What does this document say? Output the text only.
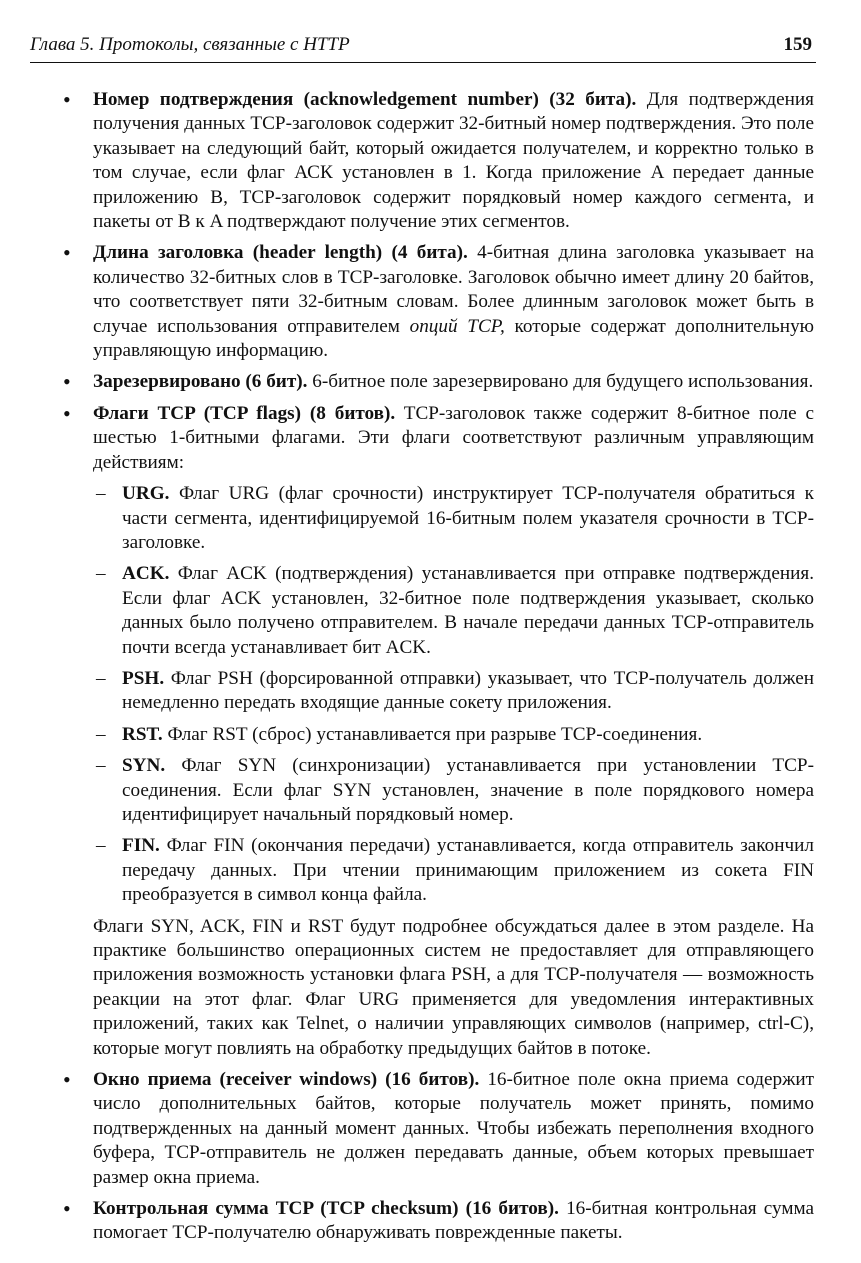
Глава 5. Протоколы, связанные с HTTP	159
• Номер подтверждения (acknowledgement number) (32 бита). Для подтверждения получения данных TCP-заголовок содержит 32-битный номер подтверждения. Это поле указывает на следующий байт, который ожидается получателем, и корректно только в том случае, если флаг АСК установлен в 1. Когда приложение A передает данные приложению B, TCP-заголовок содержит порядковый номер каждого сегмента, и пакеты от B к A подтверждают получение этих сегментов.
• Длина заголовка (header length) (4 бита). 4-битная длина заголовка указывает на количество 32-битных слов в TCP-заголовке. Заголовок обычно имеет длину 20 байтов, что соответствует пяти 32-битным словам. Более длинным заголовок может быть в случае использования отправителем опций TCP, которые содержат дополнительную управляющую информацию.
• Зарезервировано (6 бит). 6-битное поле зарезервировано для будущего использования.
• Флаги TCP (TCP flags) (8 битов). TCP-заголовок также содержит 8-битное поле с шестью 1-битными флагами. Эти флаги соответствуют различным управляющим действиям:
– URG. Флаг URG (флаг срочности) инструктирует TCP-получателя обратиться к части сегмента, идентифицируемой 16-битным полем указателя срочности в TCP-заголовке.
– ACK. Флаг ACK (подтверждения) устанавливается при отправке подтверждения. Если флаг ACK установлен, 32-битное поле подтверждения указывает, сколько данных было получено отправителем. В начале передачи данных TCP-отправитель почти всегда устанавливает бит ACK.
– PSH. Флаг PSH (форсированной отправки) указывает, что TCP-получатель должен немедленно передать входящие данные сокету приложения.
– RST. Флаг RST (сброс) устанавливается при разрыве TCP-соединения.
– SYN. Флаг SYN (синхронизации) устанавливается при установлении TCP-соединения. Если флаг SYN установлен, значение в поле порядкового номера идентифицирует начальный порядковый номер.
– FIN. Флаг FIN (окончания передачи) устанавливается, когда отправитель закончил передачу данных. При чтении принимающим приложением из сокета FIN преобразуется в символ конца файла.
Флаги SYN, ACK, FIN и RST будут подробнее обсуждаться далее в этом разделе. На практике большинство операционных систем не предоставляет для отправляющего приложения возможность установки флага PSH, а для TCP-получателя — возможность реакции на этот флаг. Флаг URG применяется для уведомления интерактивных приложений, таких как Telnet, о наличии управляющих символов (например, ctrl-C), которые могут повлиять на обработку предыдущих байтов в потоке.
• Окно приема (receiver windows) (16 битов). 16-битное поле окна приема содержит число дополнительных байтов, которые получатель может принять, помимо подтвержденных на данный момент данных. Чтобы избежать переполнения входного буфера, TCP-отправитель не должен передавать данные, объем которых превышает размер окна приема.
• Контрольная сумма TCP (TCP checksum) (16 битов). 16-битная контрольная сумма помогает TCP-получателю обнаруживать поврежденные пакеты.
